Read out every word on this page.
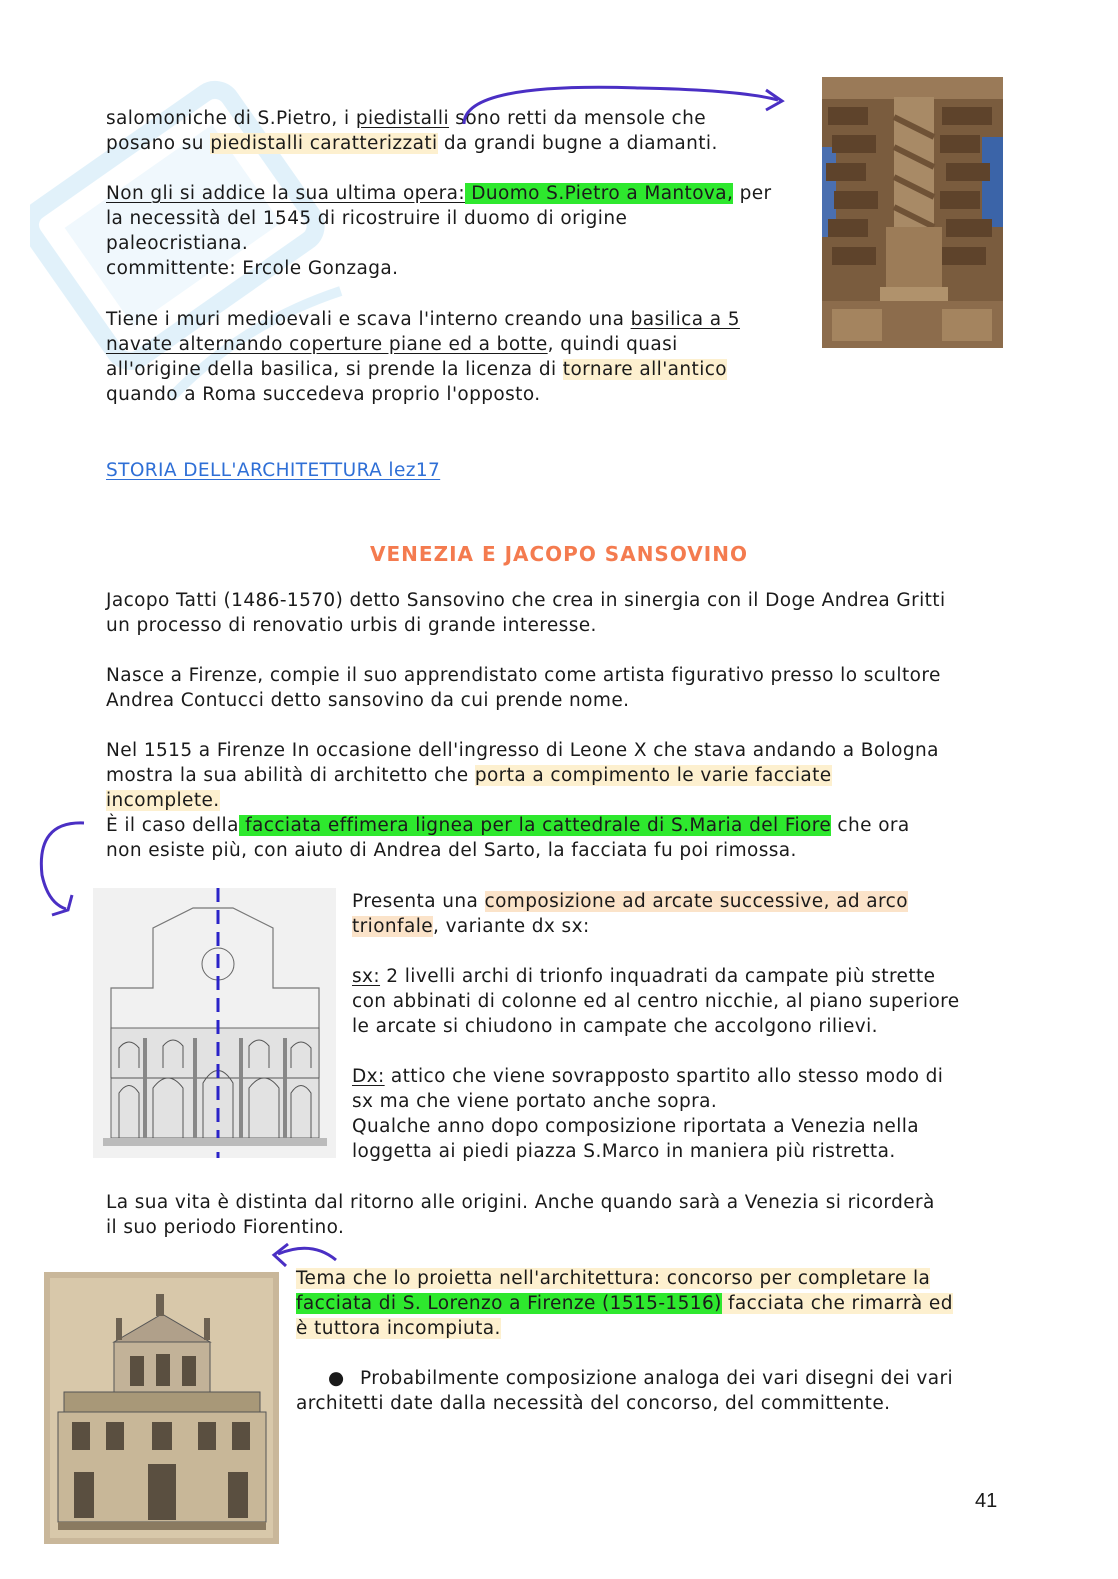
salomoniche di S.Pietro, i piedistalli sono retti da mensole che

posano su piedistalli caratterizzati da grandi bugne a diamanti.

Non gli si addice la sua ultima opera: Duomo S.Pietro a Mantova, per

la necessità del 1545 di ricostruire il duomo di origine

paleocristiana.

committente: Ercole Gonzaga.

Tiene i muri medioevali e scava l'interno creando una basilica a 5

navate alternando coperture piane ed a botte, quindi quasi

all'origine della basilica, si prende la licenza di tornare all'antico

quando a Roma succedeva proprio l'opposto.

STORIA DELL'ARCHITETTURA lez17

VENEZIA E JACOPO SANSOVINO

Jacopo Tatti (1486-1570) detto Sansovino che crea in sinergia con il Doge Andrea Gritti

un processo di renovatio urbis di grande interesse.

Nasce a Firenze, compie il suo apprendistato come artista figurativo presso lo scultore

Andrea Contucci detto sansovino da cui prende nome.

Nel 1515 a Firenze In occasione dell'ingresso di Leone X che stava andando a Bologna

mostra la sua abilità di architetto che porta a compimento le varie facciate

incomplete.

È il caso della facciata effimera lignea per la cattedrale di S.Maria del Fiore che ora

non esiste più, con aiuto di Andrea del Sarto, la facciata fu poi rimossa.

Presenta una composizione ad arcate successive, ad arco

trionfale, variante dx sx:

sx: 2 livelli archi di trionfo inquadrati da campate più strette

con abbinati di colonne ed al centro nicchie, al piano superiore

le arcate si chiudono in campate che accolgono rilievi.

Dx: attico che viene sovrapposto spartito allo stesso modo di

sx ma che viene portato anche sopra.

Qualche anno dopo composizione riportata a Venezia nella

loggetta ai piedi piazza S.Marco in maniera più ristretta.

La sua vita è distinta dal ritorno alle origini. Anche quando sarà a Venezia si ricorderà

il suo periodo Fiorentino.

Tema che lo proietta nell'architettura: concorso per completare la

facciata di S. Lorenzo a Firenze (1515-1516) facciata che rimarrà ed

è tuttora incompiuta.

● Probabilmente composizione analoga dei vari disegni dei vari

architetti date dalla necessità del concorso, del committente.

41
